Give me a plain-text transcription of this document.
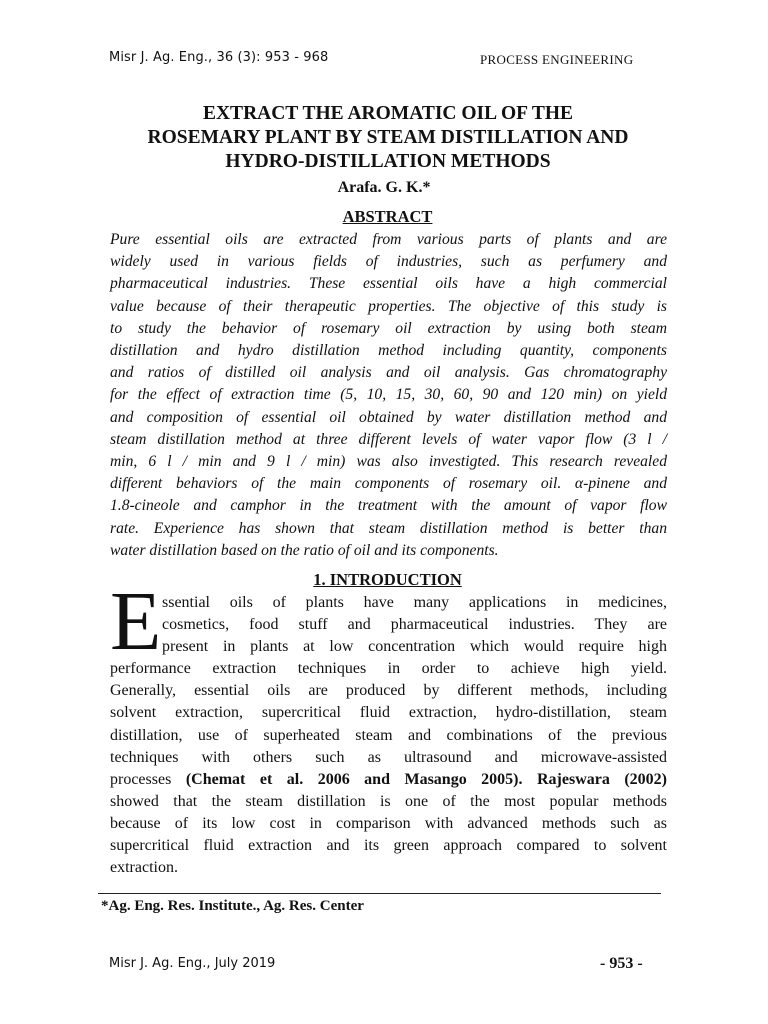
Misr J. Ag. Eng., 36 (3): 953 - 968	PROCESS ENGINEERING
EXTRACT THE AROMATIC OIL OF THE
ROSEMARY PLANT BY STEAM DISTILLATION AND
HYDRO-DISTILLATION METHODS
Arafa. G. K.*
ABSTRACT

Pure essential oils are extracted from various parts of plants and are
widely used in various fields of industries, such as perfumery and
pharmaceutical industries. These essential oils have a high commercial
value because of their therapeutic properties. The objective of this study is
to study the behavior of rosemary oil extraction by using both steam
distillation and hydro distillation method including quantity, components
and ratios of distilled oil analysis and oil analysis. Gas chromatography
for the effect of extraction time (5, 10, 15, 30, 60, 90 and 120 min) on yield
and composition of essential oil obtained by water distillation method and
steam distillation method at three different levels of water vapor flow (3 l /
min, 6 l / min and 9 l / min) was also investigted. This research revealed
different behaviors of the main components of rosemary oil. α-pinene and
1.8-cineole and camphor in the treatment with the amount of vapor flow
rate. Experience has shown that steam distillation method is better than
water distillation based on the ratio of oil and its components.

1. INTRODUCTION
E ssential oils of plants have many applications in medicines,
cosmetics, food stuff and pharmaceutical industries. They are
present in plants at low concentration which would require high
performance extraction techniques in order to achieve high yield.
Generally, essential oils are produced by different methods, including
solvent extraction, supercritical fluid extraction, hydro-distillation, steam
distillation, use of superheated steam and combinations of the previous
techniques with others such as ultrasound and microwave-assisted
processes (Chemat et al. 2006 and Masango 2005). Rajeswara (2002)
showed that the steam distillation is one of the most popular methods
because of its low cost in comparison with advanced methods such as
supercritical fluid extraction and its green approach compared to solvent
extraction.

*Ag. Eng. Res. Institute., Ag. Res. Center
Misr J. Ag. Eng., July 2019	- 953 -
